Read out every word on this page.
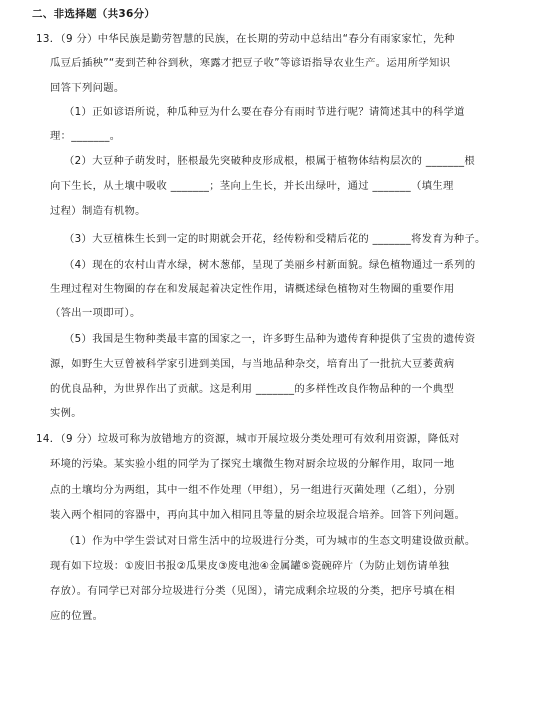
二、非选择题（共36分）
13．（9 分）中华民族是勤劳智慧的民族，在长期的劳动中总结出“春分有雨家家忙，先种
瓜豆后插秧”“麦到芒种谷到秋，寒露才把豆子收”等谚语指导农业生产。运用所学知识
回答下列问题。
（1）正如谚语所说，种瓜种豆为什么要在春分有雨时节进行呢？请简述其中的科学道
理：_______。
（2）大豆种子萌发时，胚根最先突破种皮形成根，根属于植物体结构层次的 _______根
向下生长，从土壤中吸收 _______；茎向上生长，并长出绿叶，通过 _______（填生理
过程）制造有机物。
（3）大豆植株生长到一定的时期就会开花，经传粉和受精后花的 _______将发育为种子。
（4）现在的农村山青水绿，树木葱郁，呈现了美丽乡村新面貌。绿色植物通过一系列的
生理过程对生物圈的存在和发展起着决定性作用，请概述绿色植物对生物圈的重要作用
（答出一项即可）。
（5）我国是生物种类最丰富的国家之一，许多野生品种为遗传育种提供了宝贵的遗传资
源，如野生大豆曾被科学家引进到美国，与当地品种杂交，培育出了一批抗大豆萎黄病
的优良品种，为世界作出了贡献。这是利用 _______的多样性改良作物品种的一个典型
实例。
14．（9 分）垃圾可称为放错地方的资源，城市开展垃圾分类处理可有效利用资源，降低对
环境的污染。某实验小组的同学为了探究土壤微生物对厨余垃圾的分解作用，取同一地
点的土壤均分为两组，其中一组不作处理（甲组），另一组进行灭菌处理（乙组），分别
装入两个相同的容器中，再向其中加入相同且等量的厨余垃圾混合培养。回答下列问题。
（1）作为中学生尝试对日常生活中的垃圾进行分类，可为城市的生态文明建设做贡献。
现有如下垃圾：①废旧书报②瓜果皮③废电池④金属罐⑤瓷碗碎片（为防止划伤请单独
存放）。有同学已对部分垃圾进行分类（见图），请完成剩余垃圾的分类，把序号填在相
应的位置。
